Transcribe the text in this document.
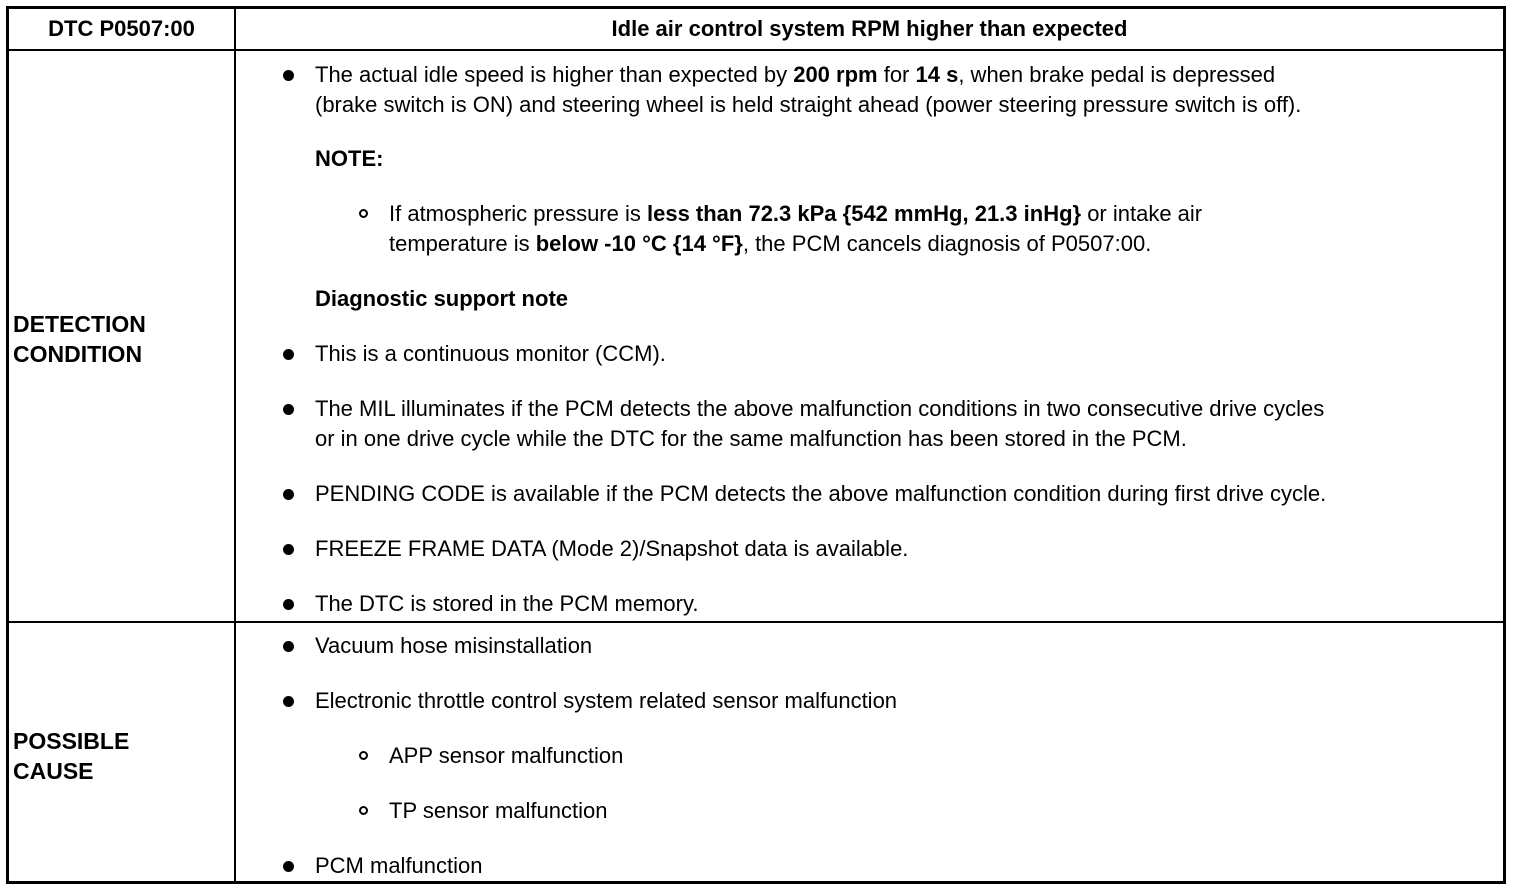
DTC P0507:00	Idle air control system RPM higher than expected
DETECTION
CONDITION
The actual idle speed is higher than expected by 200 rpm for 14 s, when brake pedal is depressed
(brake switch is ON) and steering wheel is held straight ahead (power steering pressure switch is off).
NOTE:
If atmospheric pressure is less than 72.3 kPa {542 mmHg, 21.3 inHg} or intake air
temperature is below -10 °C {14 °F}, the PCM cancels diagnosis of P0507:00.
Diagnostic support note
This is a continuous monitor (CCM).
The MIL illuminates if the PCM detects the above malfunction conditions in two consecutive drive cycles
or in one drive cycle while the DTC for the same malfunction has been stored in the PCM.
PENDING CODE is available if the PCM detects the above malfunction condition during first drive cycle.
FREEZE FRAME DATA (Mode 2)/Snapshot data is available.
The DTC is stored in the PCM memory.
POSSIBLE
CAUSE
Vacuum hose misinstallation
Electronic throttle control system related sensor malfunction
APP sensor malfunction
TP sensor malfunction
PCM malfunction
